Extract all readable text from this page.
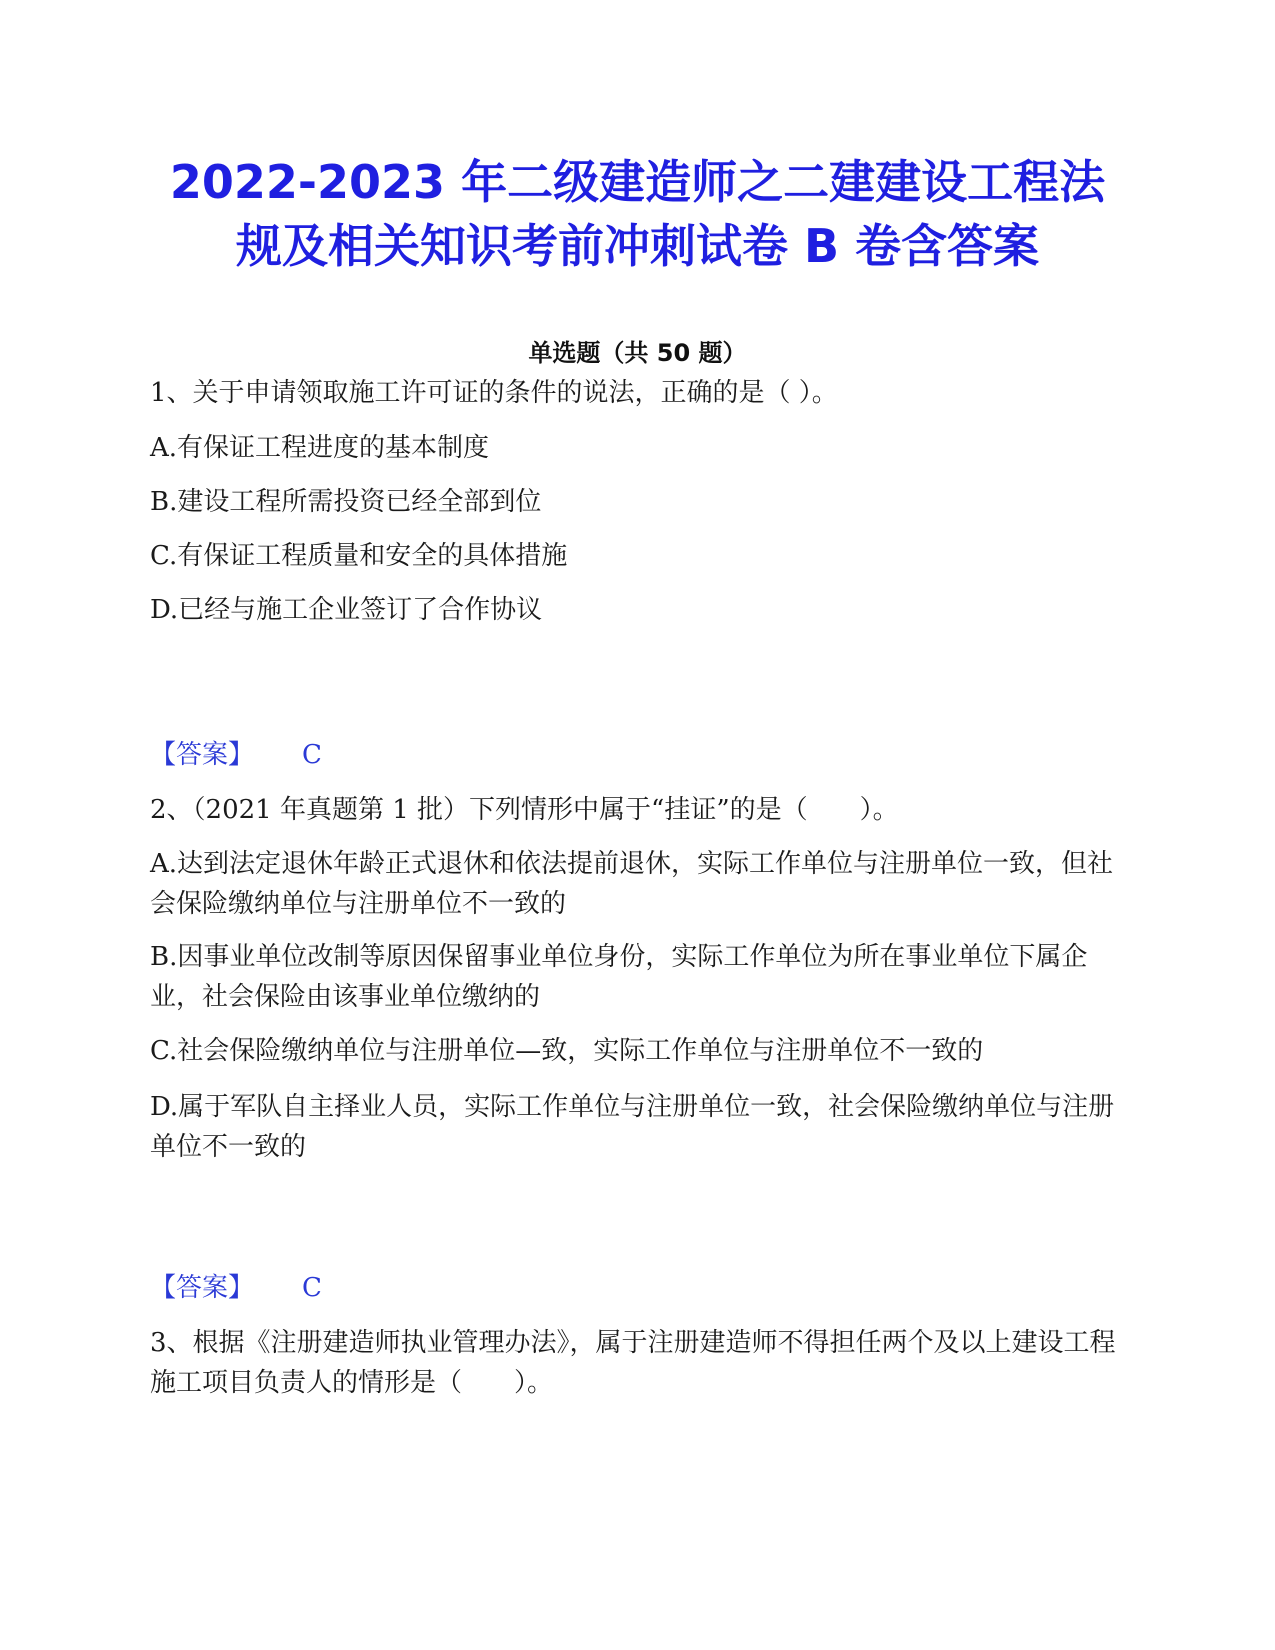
2022-2023 年二级建造师之二建建设工程法
规及相关知识考前冲刺试卷 B 卷含答案
单选题（共 50 题）
1、关于申请领取施工许可证的条件的说法，正确的是（ ）。
A.有保证工程进度的基本制度
B.建设工程所需投资已经全部到位
C.有保证工程质量和安全的具体措施
D.已经与施工企业签订了合作协议
【答案】 C
2、（2021 年真题第 1 批）下列情形中属于“挂证”的是（　　）。
A.达到法定退休年龄正式退休和依法提前退休，实际工作单位与注册单位一致，但社会保险缴纳单位与注册单位不一致的
B.因事业单位改制等原因保留事业单位身份，实际工作单位为所在事业单位下属企业，社会保险由该事业单位缴纳的
C.社会保险缴纳单位与注册单位—致，实际工作单位与注册单位不一致的
D.属于军队自主择业人员，实际工作单位与注册单位一致，社会保险缴纳单位与注册单位不一致的
【答案】 C
3、根据《注册建造师执业管理办法》，属于注册建造师不得担任两个及以上建设工程施工项目负责人的情形是（　　）。
